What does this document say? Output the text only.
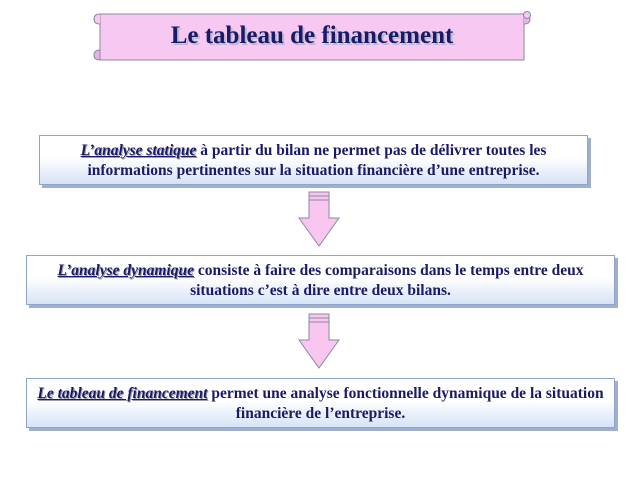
Le tableau de financement
L’analyse statique à partir du bilan ne permet pas de délivrer toutes les informations pertinentes sur la situation financière d’une entreprise.
L’analyse dynamique consiste à faire des comparaisons dans le temps entre deux situations c’est à dire entre deux bilans.
Le tableau de financement permet une analyse fonctionnelle dynamique de la situation financière de l’entreprise.
